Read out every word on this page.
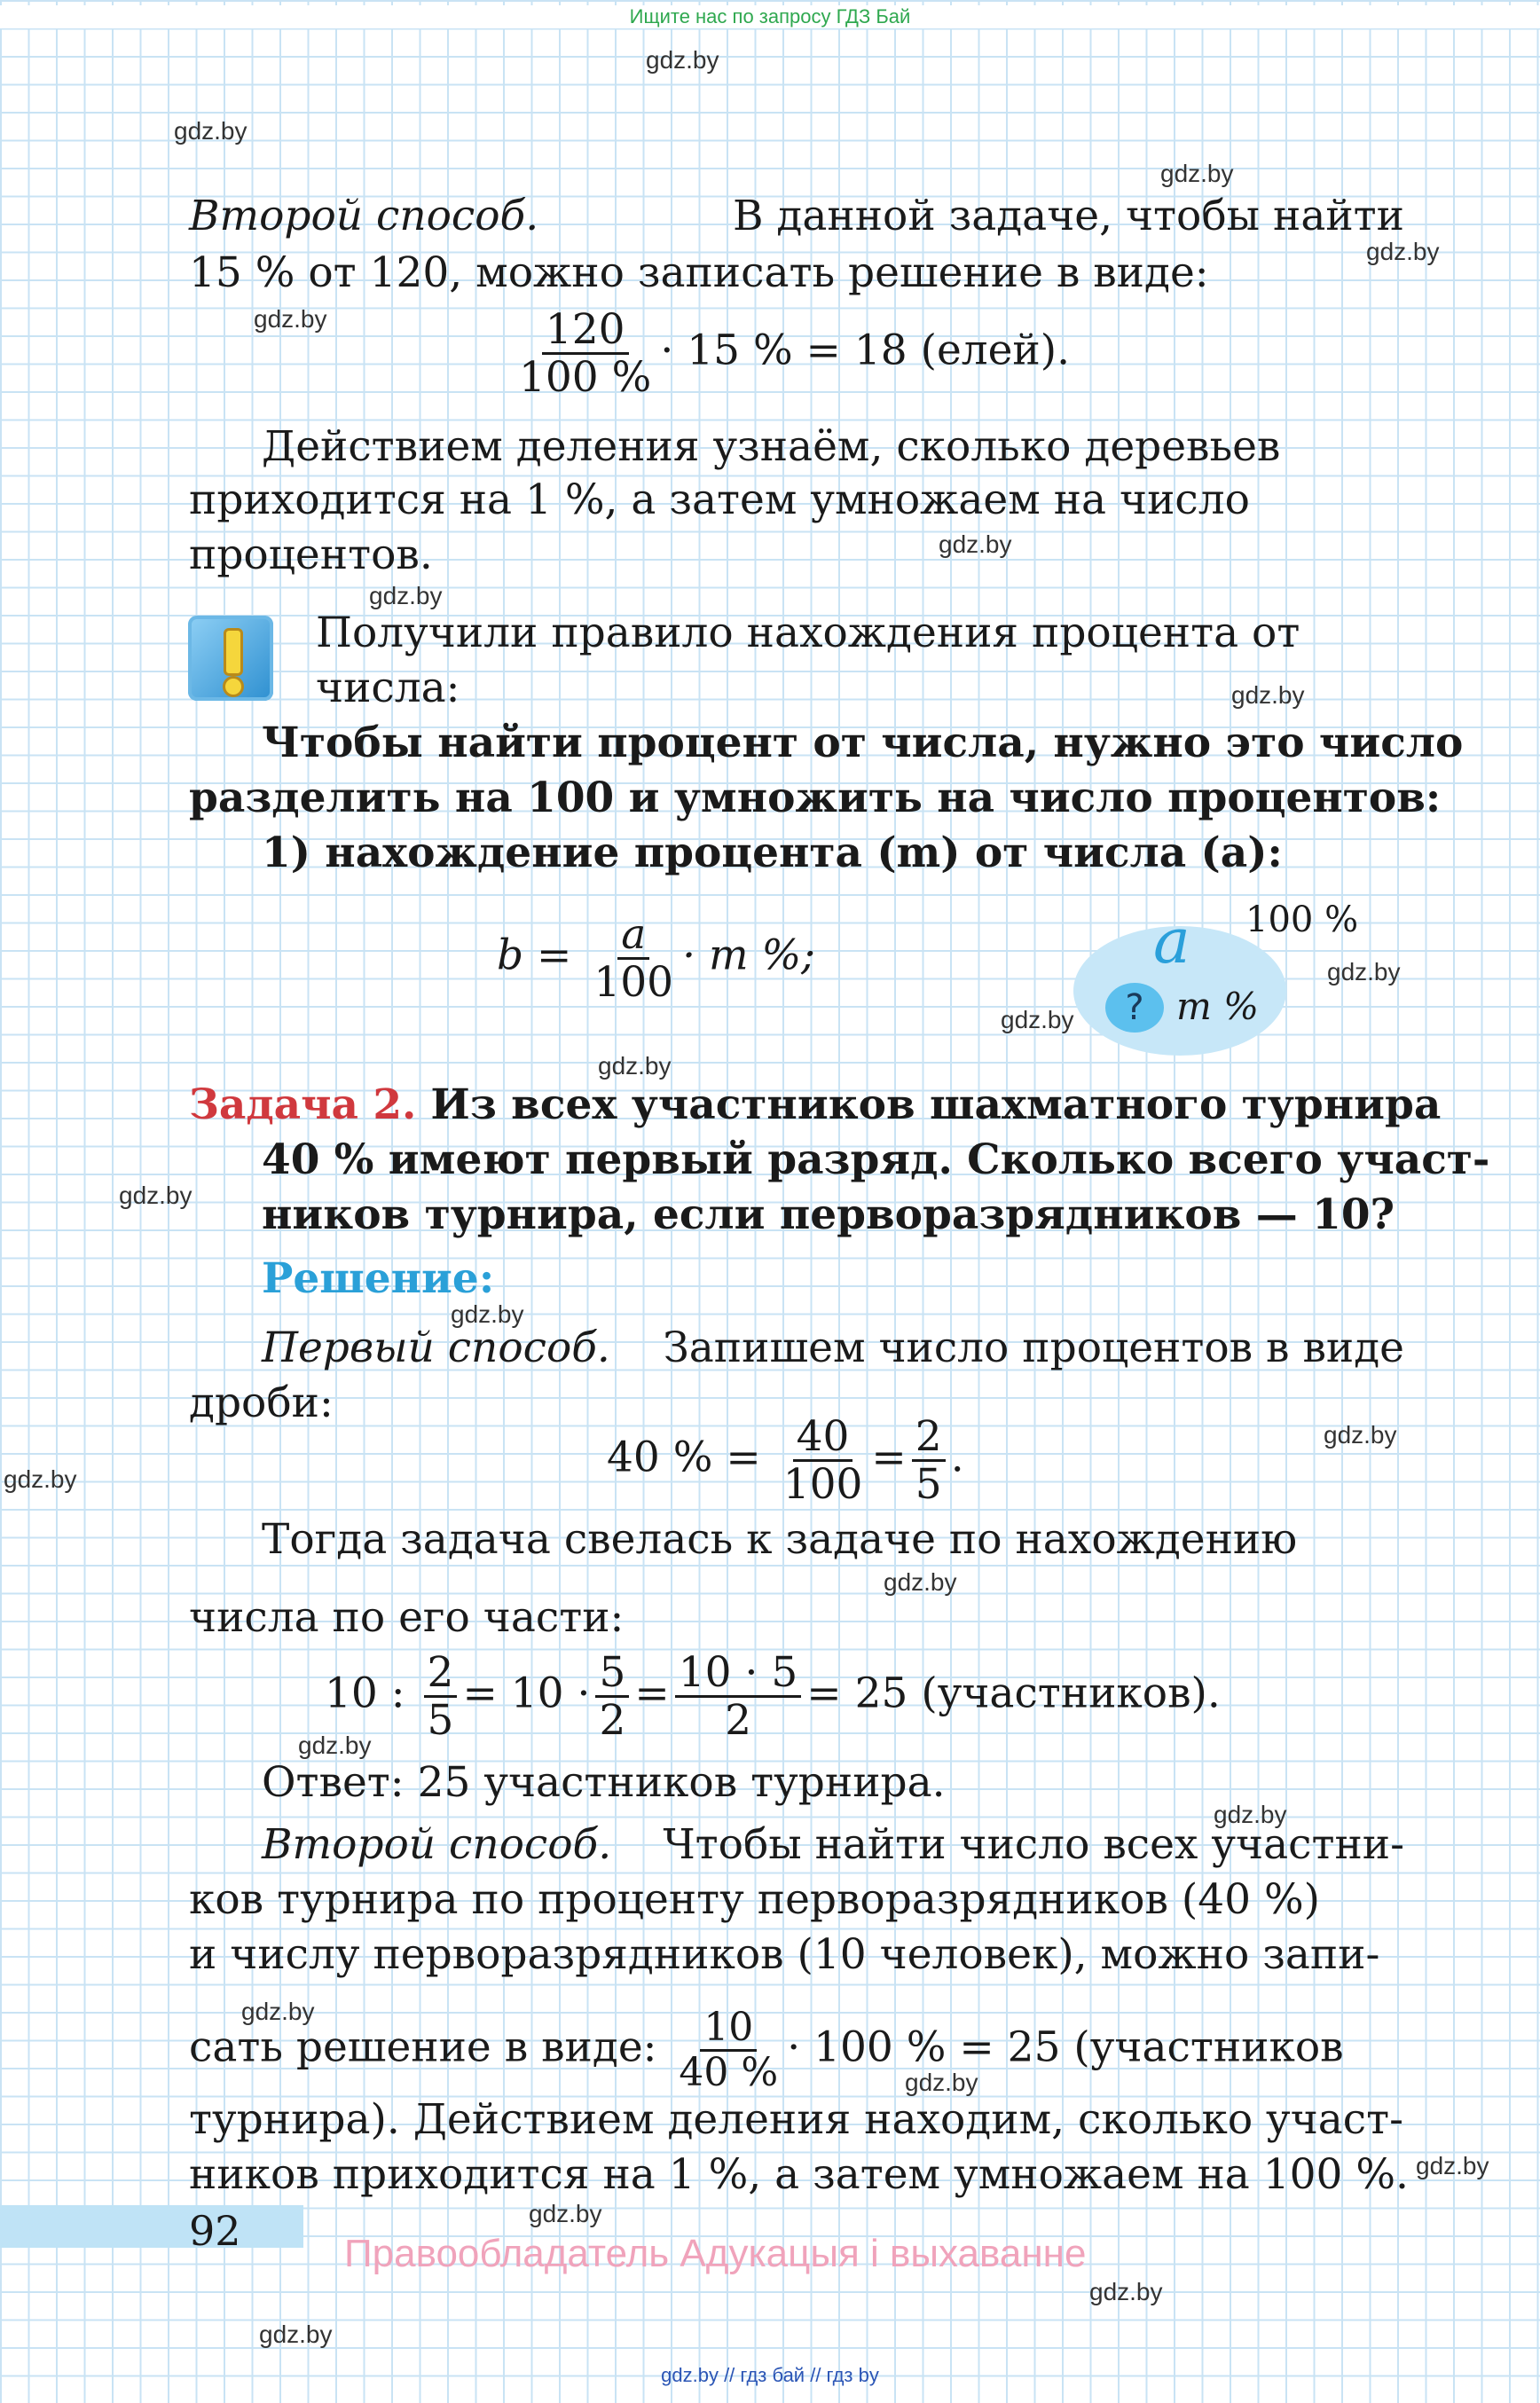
Ищите нас по запросу ГДЗ Бай
gdz.by
gdz.by
gdz.by
gdz.by
gdz.by
gdz.by
gdz.by
gdz.by
gdz.by
gdz.by
gdz.by
gdz.by
gdz.by
gdz.by
gdz.by
gdz.by
gdz.by
gdz.by
gdz.by
gdz.by
gdz.by
gdz.by
gdz.by
gdz.by
Второй способ.	В данной задаче, чтобы найти
15 % от 120, можно записать решение в виде:
$\frac{120}{100 \%} \cdot 15$ % = 18 (елей).
Действием деления узнаём, сколько деревьев
приходится на 1 %, а затем умножаем на число
процентов.
Получили правило нахождения процента от
числа:
Чтобы найти процент от числа, нужно это число
разделить на 100 и умножить на число процентов:
1) нахождение процента (m) от числа (a):
$b = \frac{a}{100} \cdot m$ %;
100 %
a
? m %
Задача 2. Из всех участников шахматного турнира
40 % имеют первый разряд. Сколько всего участ-
ников турнира, если перворазрядников — 10?
Решение:
Первый способ. Запишем число процентов в виде
дроби:
40 % = $\frac{40}{100} = \frac{2}{5}$ .
Тогда задача свелась к задаче по нахождению
числа по его части:
10 : $\frac{2}{5} = 10 \cdot \frac{5}{2} = \frac{10 \cdot 5}{2} = 25$ (участников).
Ответ: 25 участников турнира.
Второй способ. Чтобы найти число всех участни-
ков турнира по проценту перворазрядников (40 %)
и числу перворазрядников (10 человек), можно запи-
сать решение в виде: $\frac{10}{40 \%} \cdot 100$ % = 25 (участников
турнира). Действием деления находим, сколько участ-
ников приходится на 1 %, а затем умножаем на 100 %.
92	Правообладатель Адукацыя і выхаванне
gdz.by // гдз бай // гдз by
